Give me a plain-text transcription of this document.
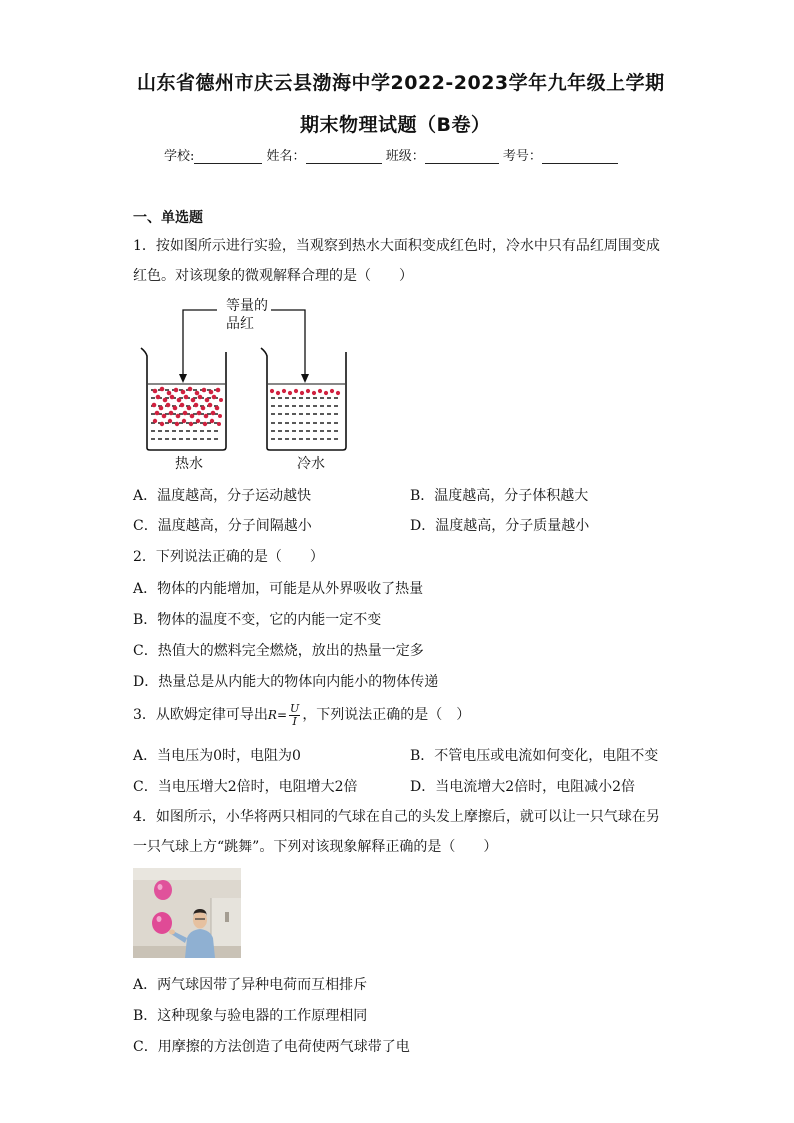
山东省德州市庆云县渤海中学2022-2023学年九年级上学期
期末物理试题（B卷）
学校:	姓名：	班级：	考号：
一、单选题
1．按如图所示进行实验，当观察到热水大面积变成红色时，冷水中只有品红周围变成
红色。对该现象的微观解释合理的是（　　）
等量的
品红
热水	冷水
A．温度越高，分子运动越快	B．温度越高，分子体积越大
C．温度越高，分子间隔越小	D．温度越高，分子质量越小
2．下列说法正确的是（　　）
A．物体的内能增加，可能是从外界吸收了热量
B．物体的温度不变，它的内能一定不变
C．热值大的燃料完全燃烧，放出的热量一定多
D．热量总是从内能大的物体向内能小的物体传递
3．从欧姆定律可导出$R= \frac{U}{I}$ ，下列说法正确的是（　）
A．当电压为0时，电阻为0	B．不管电压或电流如何变化，电阻不变
C．当电压增大2倍时，电阻增大2倍	D．当电流增大2倍时，电阻减小2倍
4．如图所示，小华将两只相同的气球在自己的头发上摩擦后，就可以让一只气球在另
一只气球上方“跳舞”。下列对该现象解释正确的是（　　）
A．两气球因带了异种电荷而互相排斥
B．这种现象与验电器的工作原理相同
C．用摩擦的方法创造了电荷使两气球带了电
